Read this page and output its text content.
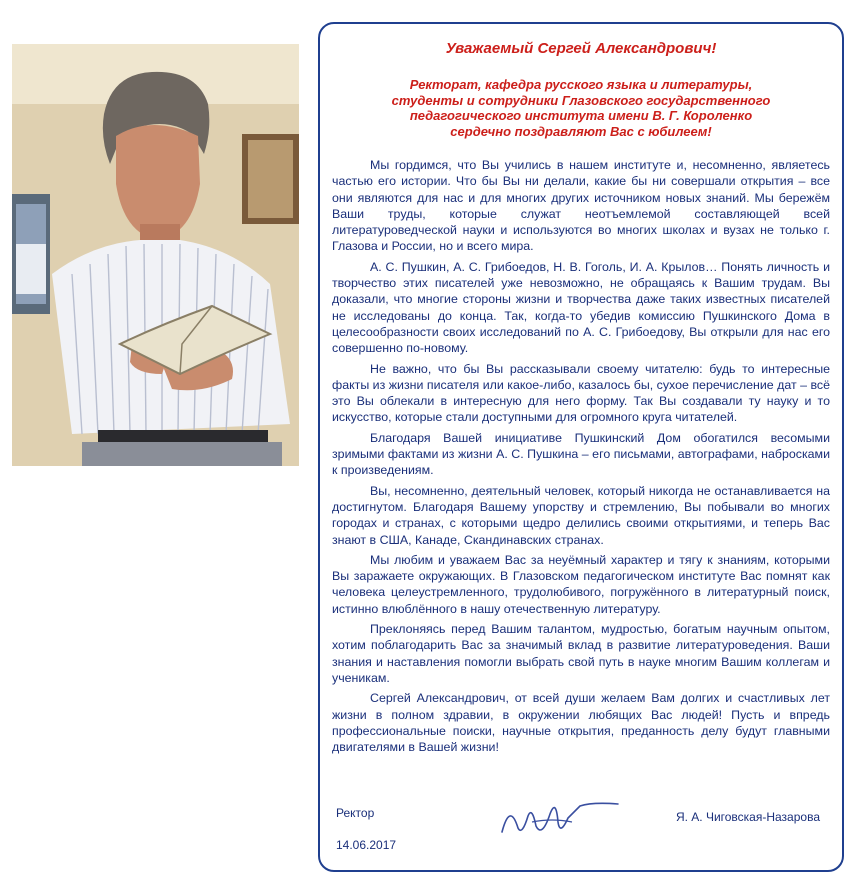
Уважаемый Сергей Александрович!
Ректорат, кафедра русского языка и литературы,
студенты и сотрудники Глазовского государственного
педагогического института имени В. Г. Короленко
сердечно поздравляют Вас с юбилеем!

Мы гордимся, что Вы учились в нашем институте и, несомненно, являетесь частью его истории. Что бы Вы ни делали, какие бы ни совершали открытия – все они являются для нас и для многих других источником новых знаний. Мы бережём Ваши труды, которые служат неотъемлемой составляющей всей литературоведческой науки и используются во многих школах и вузах не только г. Глазова и России, но и всего мира.

А. С. Пушкин, А. С. Грибоедов, Н. В. Гоголь, И. А. Крылов… Понять личность и творчество этих писателей уже невозможно, не обращаясь к Вашим трудам. Вы доказали, что многие стороны жизни и творчества даже таких известных писателей не исследованы до конца. Так, когда-то убедив комиссию Пушкинского Дома в целесообразности своих исследований по А. С. Грибоедову, Вы открыли для нас его совершенно по-новому.

Не важно, что бы Вы рассказывали своему читателю: будь то интересные факты из жизни писателя или какое-либо, казалось бы, сухое перечисление дат – всё это Вы облекали в интересную для него форму. Так Вы создавали ту науку и то искусство, которые стали доступными для огромного круга читателей.

Благодаря Вашей инициативе Пушкинский Дом обогатился весомыми зримыми фактами из жизни А. С. Пушкина – его письмами, автографами, набросками к произведениям.

Вы, несомненно, деятельный человек, который никогда не останавливается на достигнутом. Благодаря Вашему упорству и стремлению, Вы побывали во многих городах и странах, с которыми щедро делились своими открытиями, и теперь Вас знают в США, Канаде, Скандинавских странах.

Мы любим и уважаем Вас за неуёмный характер и тягу к знаниям, которыми Вы заражаете окружающих. В Глазовском педагогическом институте Вас помнят как человека целеустремленного, трудолюбивого, погружённого в литературный поиск, истинно влюблённого в нашу отечественную литературу.

Преклоняясь перед Вашим талантом, мудростью, богатым научным опытом, хотим поблагодарить Вас за значимый вклад в развитие литературоведения. Ваши знания и наставления помогли выбрать свой путь в науке многим Вашим коллегам и ученикам.

Сергей Александрович, от всей души желаем Вам долгих и счастливых лет жизни в полном здравии, в окружении любящих Вас людей! Пусть и впредь профессиональные поиски, научные открытия, преданность делу будут главными двигателями в Вашей жизни!

Ректор	Я. А. Чиговская-Назарова
14.06.2017
